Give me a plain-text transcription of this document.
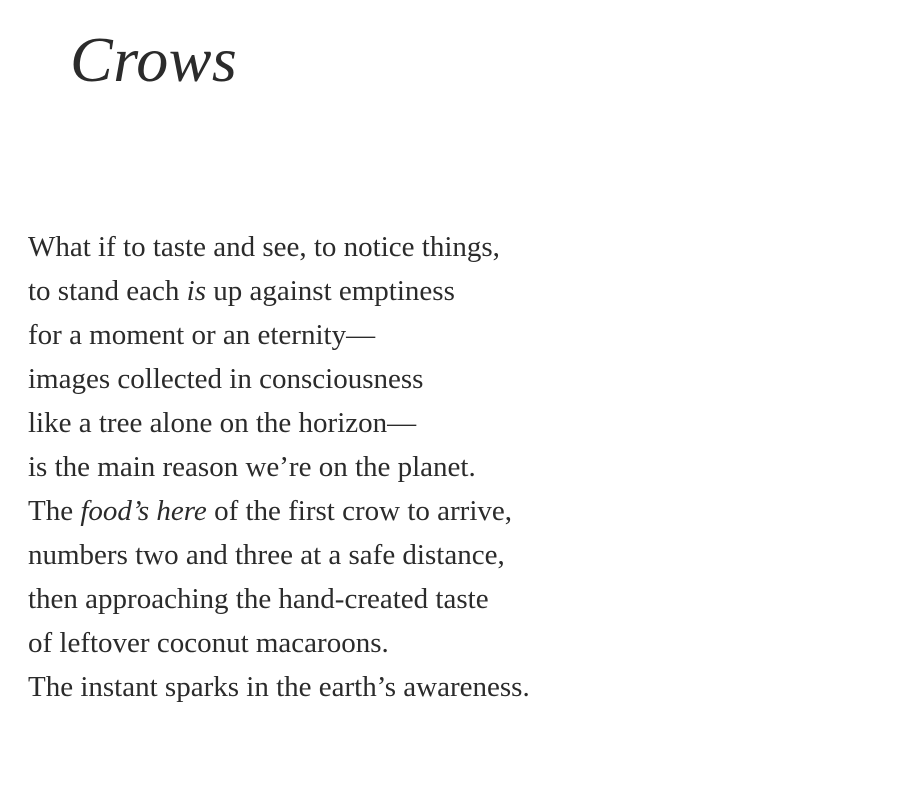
Crows
What if to taste and see, to notice things,
to stand each is up against emptiness
for a moment or an eternity—
images collected in consciousness
like a tree alone on the horizon—
is the main reason we’re on the planet.
The food’s here of the first crow to arrive,
numbers two and three at a safe distance,
then approaching the hand-created taste
of leftover coconut macaroons.
The instant sparks in the earth’s awareness.
